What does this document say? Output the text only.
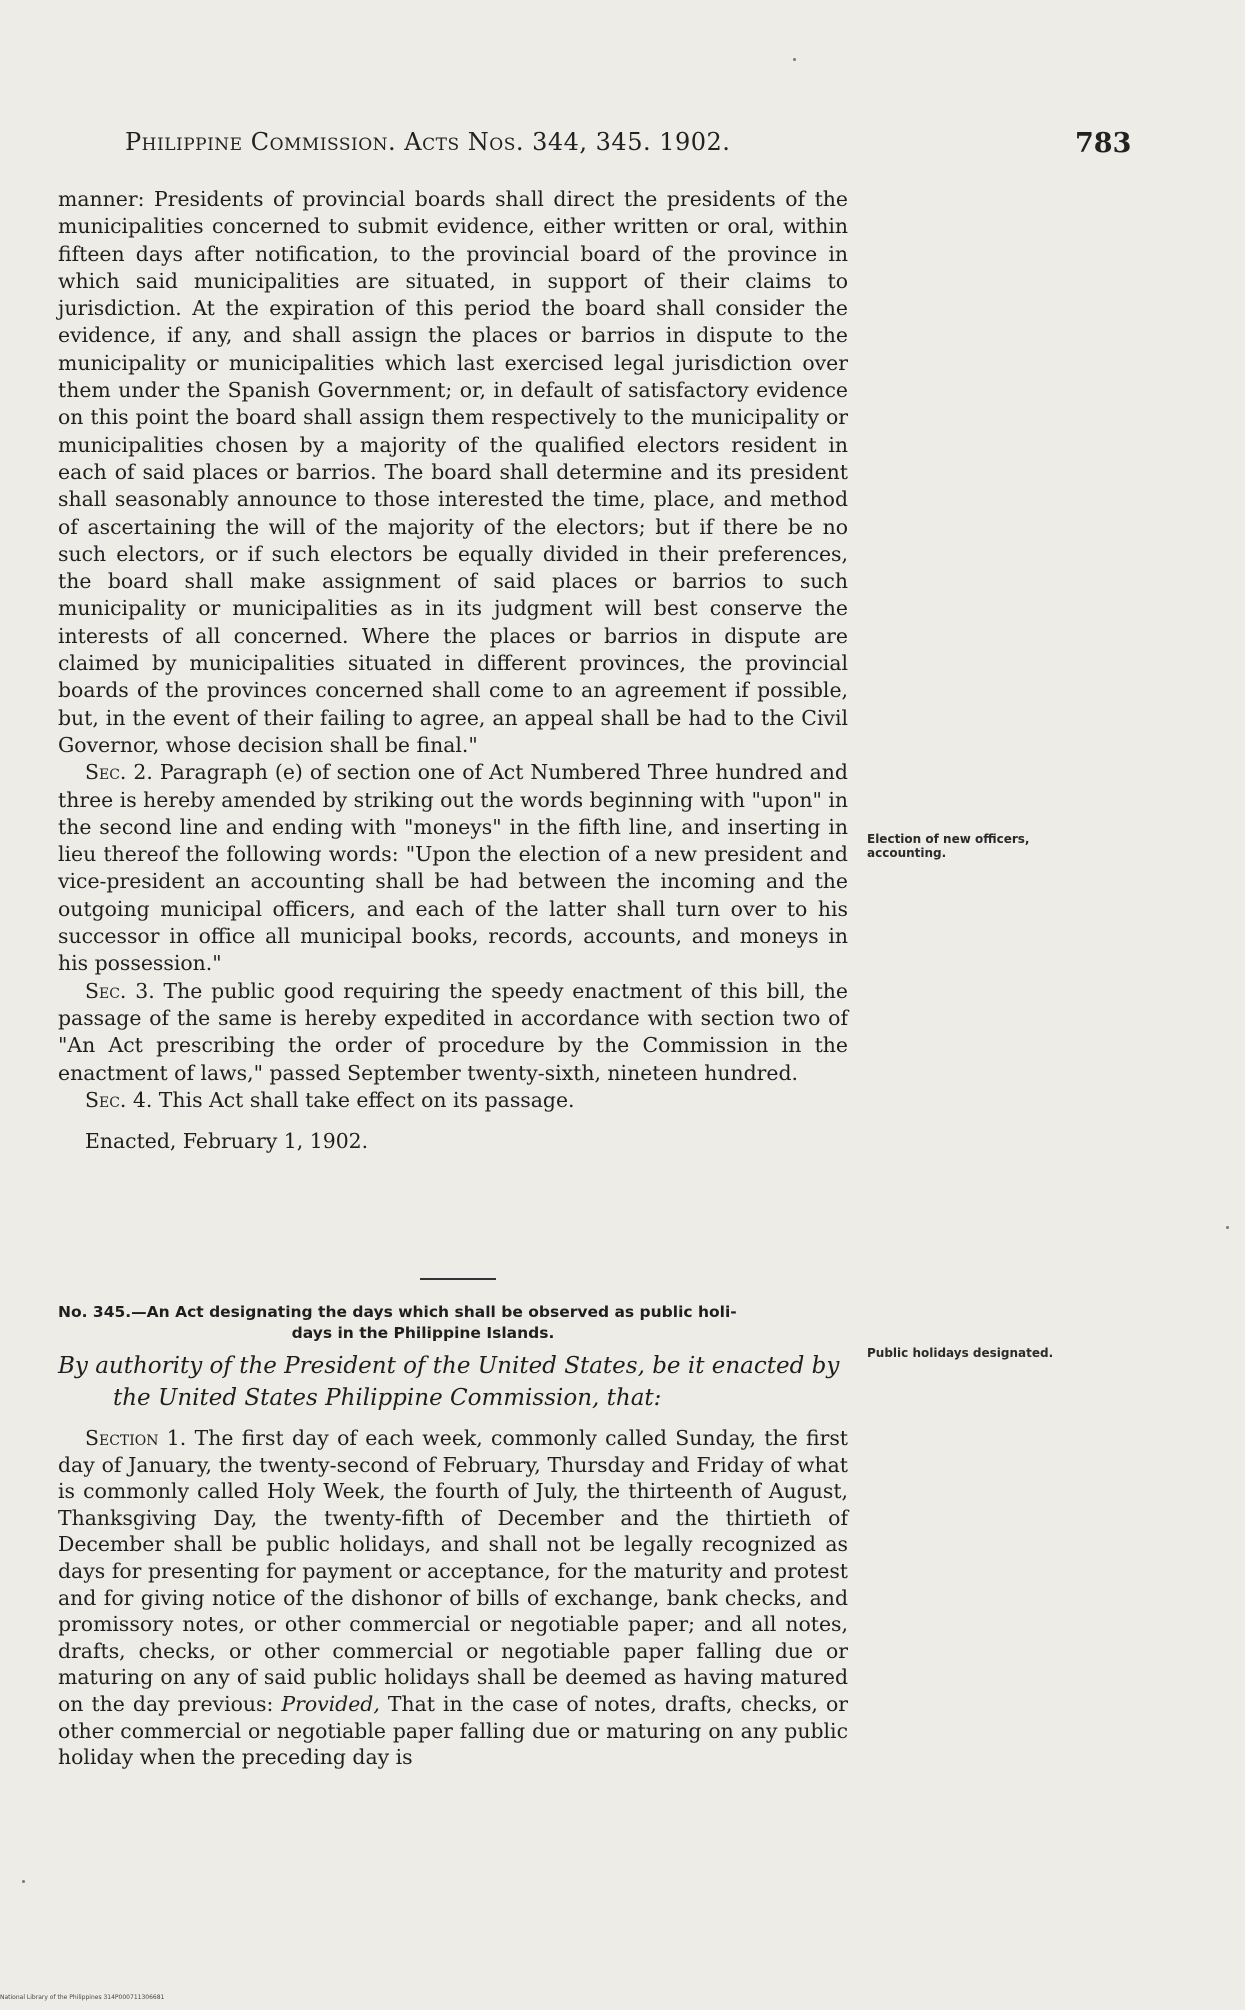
Philippine Commission. Acts Nos. 344, 345. 1902.	783

manner: Presidents of provincial boards shall direct the presidents of the municipalities concerned to submit evidence, either written or oral, within fifteen days after notification, to the provincial board of the province in which said municipalities are situated, in support of their claims to jurisdiction. At the expiration of this period the board shall consider the evidence, if any, and shall assign the places or barrios in dispute to the municipality or municipalities which last exercised legal jurisdiction over them under the Spanish Government; or, in default of satisfactory evidence on this point the board shall assign them respectively to the municipality or municipalities chosen by a majority of the qualified electors resident in each of said places or barrios. The board shall determine and its president shall seasonably announce to those interested the time, place, and method of ascertaining the will of the majority of the electors; but if there be no such electors, or if such electors be equally divided in their preferences, the board shall make assignment of said places or barrios to such municipality or municipalities as in its judgment will best conserve the interests of all concerned. Where the places or barrios in dispute are claimed by municipalities situated in different provinces, the provincial boards of the provinces concerned shall come to an agreement if possible, but, in the event of their failing to agree, an appeal shall be had to the Civil Governor, whose decision shall be final."

Sec. 2. Paragraph (e) of section one of Act Numbered Three hundred and three is hereby amended by striking out the words beginning with "upon" in the second line and ending with "moneys" in the fifth line, and inserting in lieu thereof the following words: "Upon the election of a new president and vice-president an accounting shall be had between the incoming and the outgoing municipal officers, and each of the latter shall turn over to his successor in office all municipal books, records, accounts, and moneys in his possession."

Sec. 3. The public good requiring the speedy enactment of this bill, the passage of the same is hereby expedited in accordance with section two of "An Act prescribing the order of procedure by the Commission in the enactment of laws," passed September twenty-sixth, nineteen hundred.

Sec. 4. This Act shall take effect on its passage.

Enacted, February 1, 1902.

No. 345.—An Act designating the days which shall be observed as public holi-
days in the Philippine Islands.
By authority of the President of the United States, be it enacted by
the United States Philippine Commission, that:

Section 1. The first day of each week, commonly called Sunday, the first day of January, the twenty-second of February, Thursday and Friday of what is commonly called Holy Week, the fourth of July, the thirteenth of August, Thanksgiving Day, the twenty-fifth of December and the thirtieth of December shall be public holidays, and shall not be legally recognized as days for presenting for payment or acceptance, for the maturity and protest and for giving notice of the dishonor of bills of exchange, bank checks, and promissory notes, or other commercial or negotiable paper; and all notes, drafts, checks, or other commercial or negotiable paper falling due or maturing on any of said public holidays shall be deemed as having matured on the day previous: Provided, That in the case of notes, drafts, checks, or other commercial or negotiable paper falling due or maturing on any public holiday when the preceding day is

Election of new officers, accounting.
Public holidays designated.
National Library of the Philippines 314P000711306681
